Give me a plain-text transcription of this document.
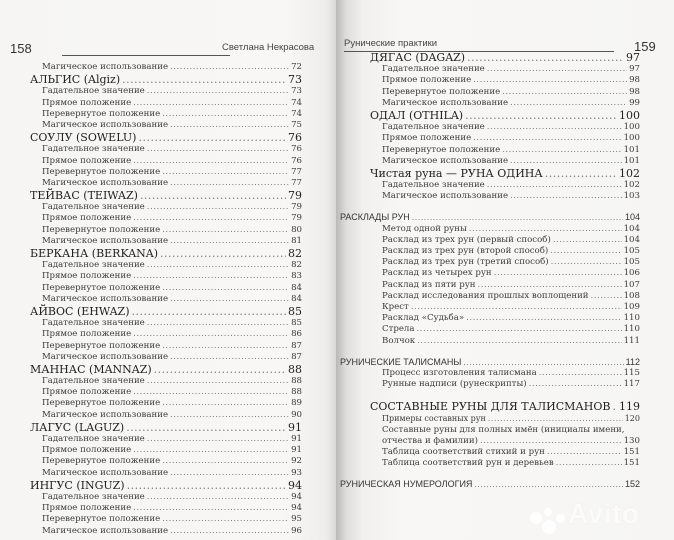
158	Светлана Некрасова	Рунические практики	159
Магическое использование .....	72
АЛЬГИС (Algiz) .....	73
Гадательное значение .....	73
Прямое положение .....	74
Перевернутое положение .....	74
Магическое использование .....	75
СОУЛУ (SOWELU) .....	76
Гадательное значение .....	76
Прямое положение .....	76
Перевернутое положение .....	77
Магическое использование .....	77
ТЕЙВАС (TEIWAZ) .....	79
Гадательное значение .....	79
Прямое положение .....	79
Перевернутое положение .....	80
Магическое использование .....	81
БЕРКАНА (BERKANA) .....	82
Гадательное значение .....	82
Прямое положение .....	83
Перевернутое положение .....	84
Магическое использование .....	84
АЙВОС (EHWAZ) .....	85
Гадательное значение .....	85
Прямое положение .....	86
Перевернутое положение .....	87
Магическое использование .....	87
МАННАС (MANNAZ) .....	88
Гадательное значение .....	88
Прямое положение .....	88
Перевернутое положение .....	89
Магическое использование .....	90
ЛАГУС (LAGUZ) .....	91
Гадательное значение .....	91
Прямое положение .....	91
Перевернутое положение .....	92
Магическое использование .....	93
ИНГУС (INGUZ) .....	94
Гадательное значение .....	94
Прямое положение .....	94
Перевернутое положение .....	95
Магическое использование .....	96
ДЯГАС (DAGAZ) .....	97
Гадательное значение .....	97
Прямое положение .....	98
Перевернутое положение .....	98
Магическое использование .....	99
ОДАЛ (OTHILA) .....	100
Гадательное значение .....	100
Прямое положение .....	100
Перевернутое положение .....	101
Магическое использование .....	101
Чистая руна — РУНА ОДИНА .....	102
Гадательное значение .....	102
Магическое использование .....	103
РАСКЛАДЫ РУН .....	104
Метод одной руны .....	104
Расклад из трех рун (первый способ) .....	104
Расклад из трех рун (второй способ) .....	105
Расклад из трех рун (третий способ) .....	105
Расклад из четырех рун .....	106
Расклад из пяти рун .....	107
Расклад исследования прошлых воплощений .....	108
Крест .....	109
Расклад «Судьба» .....	110
Стрела .....	110
Волчок .....	111
РУНИЧЕСКИЕ ТАЛИСМАНЫ .....	112
Процесс изготовления талисмана .....	115
Рунные надписи (рунескрипты) .....	117
СОСТАВНЫЕ РУНЫ ДЛЯ ТАЛИСМАНОВ ..... 119
Примеры составных рун .....	120
Составные руны для полных имён (инициалы имени,
отчества и фамилии) .....	130
Таблица соответствий стихий и рун .....	151
Таблица соответствий рун и деревьев .....	151
РУНИЧЕСКАЯ НУМЕРОЛОГИЯ .....	152

Avito
